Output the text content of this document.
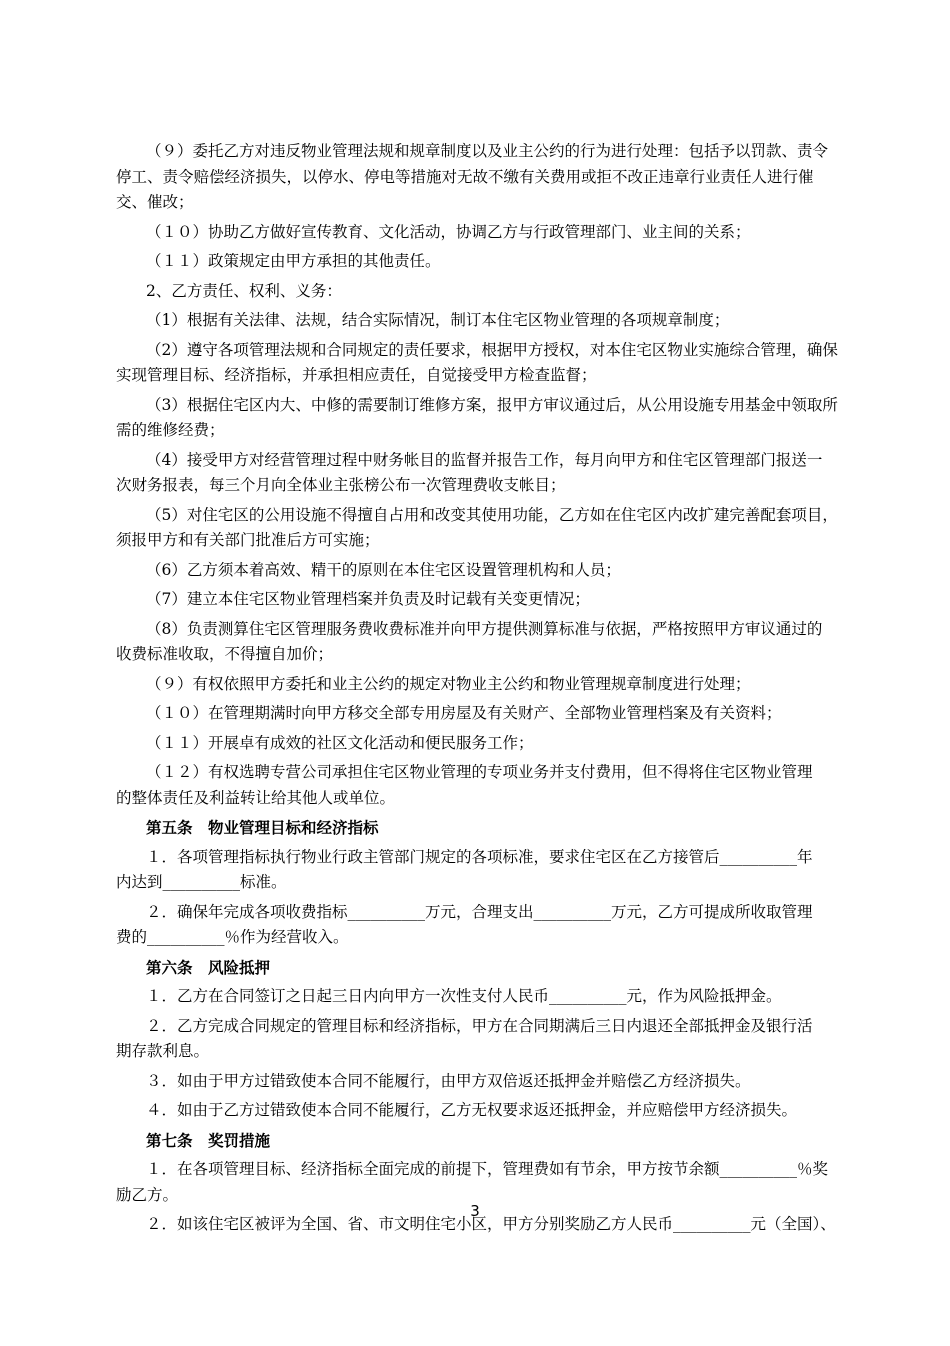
（９）委托乙方对违反物业管理法规和规章制度以及业主公约的行为进行处理：包括予以罚款、责令
停工、责令赔偿经济损失，以停水、停电等措施对无故不缴有关费用或拒不改正违章行业责任人进行催
交、催改；
（１０）协助乙方做好宣传教育、文化活动，协调乙方与行政管理部门、业主间的关系；
（１１）政策规定由甲方承担的其他责任。
2、乙方责任、权利、义务：
（1）根据有关法律、法规，结合实际情况，制订本住宅区物业管理的各项规章制度；
（2）遵守各项管理法规和合同规定的责任要求，根据甲方授权，对本住宅区物业实施综合管理，确保
实现管理目标、经济指标，并承担相应责任，自觉接受甲方检查监督；
（3）根据住宅区内大、中修的需要制订维修方案，报甲方审议通过后，从公用设施专用基金中领取所
需的维修经费；
（4）接受甲方对经营管理过程中财务帐目的监督并报告工作，每月向甲方和住宅区管理部门报送一
次财务报表，每三个月向全体业主张榜公布一次管理费收支帐目；
（5）对住宅区的公用设施不得擅自占用和改变其使用功能，乙方如在住宅区内改扩建完善配套项目，
须报甲方和有关部门批准后方可实施；
（6）乙方须本着高效、精干的原则在本住宅区设置管理机构和人员；
（7）建立本住宅区物业管理档案并负责及时记载有关变更情况；
（8）负责测算住宅区管理服务费收费标准并向甲方提供测算标准与依据，严格按照甲方审议通过的
收费标准收取，不得擅自加价；
（９）有权依照甲方委托和业主公约的规定对物业主公约和物业管理规章制度进行处理；
（１０）在管理期满时向甲方移交全部专用房屋及有关财产、全部物业管理档案及有关资料；
（１１）开展卓有成效的社区文化活动和便民服务工作；
（１２）有权选聘专营公司承担住宅区物业管理的专项业务并支付费用，但不得将住宅区物业管理
的整体责任及利益转让给其他人或单位。
第五条　物业管理目标和经济指标
１．各项管理指标执行物业行政主管部门规定的各项标准，要求住宅区在乙方接管后__________年
内达到__________标准。
２．确保年完成各项收费指标__________万元，合理支出__________万元，乙方可提成所收取管理
费的__________％作为经营收入。
第六条　风险抵押
１．乙方在合同签订之日起三日内向甲方一次性支付人民币__________元，作为风险抵押金。
２．乙方完成合同规定的管理目标和经济指标，甲方在合同期满后三日内退还全部抵押金及银行活
期存款利息。
３．如由于甲方过错致使本合同不能履行，由甲方双倍返还抵押金并赔偿乙方经济损失。
４．如由于乙方过错致使本合同不能履行，乙方无权要求返还抵押金，并应赔偿甲方经济损失。
第七条　奖罚措施
１．在各项管理目标、经济指标全面完成的前提下，管理费如有节余，甲方按节余额__________％奖
励乙方。
２．如该住宅区被评为全国、省、市文明住宅小区，甲方分别奖励乙方人民币__________元（全国）、
3
